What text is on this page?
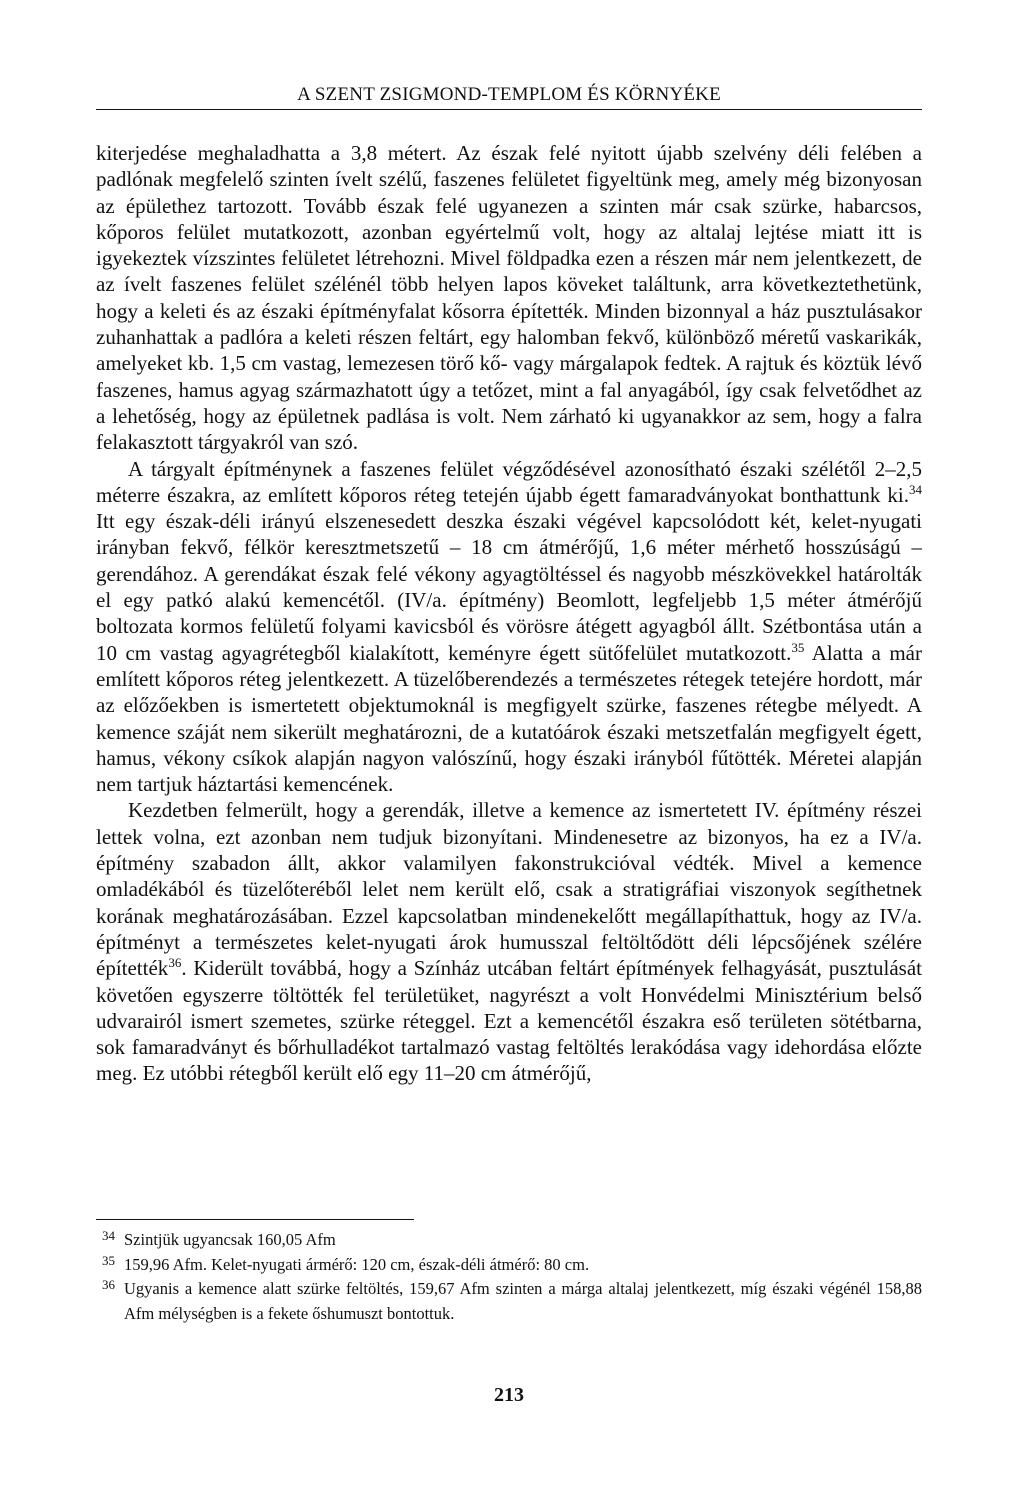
A SZENT ZSIGMOND-TEMPLOM ÉS KÖRNYÉKE

kiterjedése meghaladhatta a 3,8 métert. Az észak felé nyitott újabb szelvény déli felében a padlónak megfelelő szinten ívelt szélű, faszenes felületet figyeltünk meg, amely még bizonyosan az épülethez tartozott. Tovább észak felé ugyanezen a szinten már csak szürke, habarcsos, kőporos felület mutatkozott, azonban egyértelmű volt, hogy az altalaj lejtése miatt itt is igyekeztek vízszintes felületet létrehozni. Mivel földpadka ezen a részen már nem jelentkezett, de az ívelt faszenes felület szélénél több helyen lapos köveket találtunk, arra következtethetünk, hogy a keleti és az északi építményfalat kősorra építették. Minden bizonnyal a ház pusztulásakor zuhanhattak a padlóra a keleti részen feltárt, egy halomban fekvő, különböző méretű vaskarikák, amelyeket kb. 1,5 cm vastag, lemezesen törő kő- vagy márgalapok fedtek. A rajtuk és köztük lévő faszenes, hamus agyag származhatott úgy a tetőzet, mint a fal anyagából, így csak felvetődhet az a lehetőség, hogy az épületnek padlása is volt. Nem zárható ki ugyanakkor az sem, hogy a falra felakasztott tárgyakról van szó.

A tárgyalt építménynek a faszenes felület végződésével azonosítható északi szélétől 2–2,5 méterre északra, az említett kőporos réteg tetején újabb égett famaradványokat bonthattunk ki.$^{34}$ Itt egy észak-déli irányú elszenesedett deszka északi végével kapcsolódott két, kelet-nyugati irányban fekvő, félkör keresztmetszetű – 18 cm átmérőjű, 1,6 méter mérhető hosszúságú – gerendához. A gerendákat észak felé vékony agyagtöltéssel és nagyobb mészkövekkel határolták el egy patkó alakú kemencétől. (IV/a. építmény) Beomlott, legfeljebb 1,5 méter átmérőjű boltozata kormos felületű folyami kavicsból és vörösre átégett agyagból állt. Szétbontása után a 10 cm vastag agyagrétegből kialakított, keményre égett sütőfelület mutatkozott.$^{35}$ Alatta a már említett kőporos réteg jelentkezett. A tüzelőberendezés a természetes rétegek tetejére hordott, már az előzőekben is ismertetett objektumoknál is megfigyelt szürke, faszenes rétegbe mélyedt. A kemence száját nem sikerült meghatározni, de a kutatóárok északi metszetfalán megfigyelt égett, hamus, vékony csíkok alapján nagyon valószínű, hogy északi irányból fűtötték. Méretei alapján nem tartjuk háztartási kemencének.

Kezdetben felmerült, hogy a gerendák, illetve a kemence az ismertetett IV. építmény részei lettek volna, ezt azonban nem tudjuk bizonyítani. Mindenesetre az bizonyos, ha ez a IV/a. építmény szabadon állt, akkor valamilyen fakonstrukcióval védték. Mivel a kemence omladékából és tüzelőteréből lelet nem került elő, csak a stratigráfiai viszonyok segíthetnek korának meghatározásában. Ezzel kapcsolatban mindenekelőtt megállapíthattuk, hogy az IV/a. építményt a természetes kelet-nyugati árok humusszal feltöltődött déli lépcsőjének szélére építették$^{36}$. Kiderült továbbá, hogy a Színház utcában feltárt építmények felhagyását, pusztulását követően egyszerre töltötték fel területüket, nagyrészt a volt Honvédelmi Minisztérium belső udvarairól ismert szemetes, szürke réteggel. Ezt a kemencétől északra eső területen sötétbarna, sok famaradványt és bőrhulladékot tartalmazó vastag feltöltés lerakódása vagy idehordása előzte meg. Ez utóbbi rétegből került elő egy 11–20 cm átmérőjű,

34 Szintjük ugyancsak 160,05 Afm

35 159,96 Afm. Kelet-nyugati ármérő: 120 cm, észak-déli átmérő: 80 cm.

36 Ugyanis a kemence alatt szürke feltöltés, 159,67 Afm szinten a márga altalaj jelentkezett, míg északi végénél 158,88 Afm mélységben is a fekete őshumuszt bontottuk.

213
